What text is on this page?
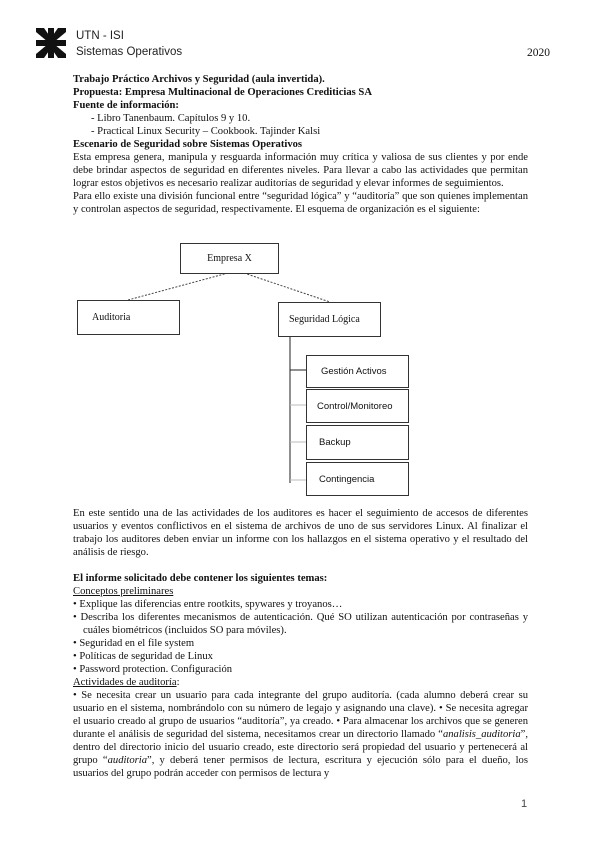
UTN - ISI
Sistemas Operativos	2020

Trabajo Práctico Archivos y Seguridad (aula invertida).

Propuesta: Empresa Multinacional de Operaciones Crediticias SA

Fuente de información:

- Libro Tanenbaum. Capítulos 9 y 10.

- Practical Linux Security – Cookbook. Tajinder Kalsi

Escenario de Seguridad sobre Sistemas Operativos

Esta empresa genera, manipula y resguarda información muy crítica y valiosa de sus clientes y por ende debe brindar aspectos de seguridad en diferentes niveles. Para llevar a cabo las actividades que permitan lograr estos objetivos es necesario realizar auditorías de seguridad y elevar informes de seguimientos.

Para ello existe una división funcional entre “seguridad lógica” y “auditoría” que son quienes implementan y controlan aspectos de seguridad, respectivamente. El esquema de organización es el siguiente:

Empresa X
Auditoria	Seguridad Lógica
Gestión Activos
Control/Monitoreo
Backup
Contingencia

En este sentido una de las actividades de los auditores es hacer el seguimiento de accesos de diferentes usuarios y eventos conflictivos en el sistema de archivos de uno de sus servidores Linux. Al finalizar el trabajo los auditores deben enviar un informe con los hallazgos en el sistema operativo y el resultado del análisis de riesgo.

El informe solicitado debe contener los siguientes temas:

Conceptos preliminares

• Explique las diferencias entre rootkits, spywares y troyanos…

• Describa los diferentes mecanismos de autenticación. Qué SO utilizan autenticación por contraseñas y cuáles biométricos (incluidos SO para móviles).

• Seguridad en el file system

• Políticas de seguridad de Linux

• Password protection. Configuración

Actividades de auditoría:

• Se necesita crear un usuario para cada integrante del grupo auditoría. (cada alumno deberá crear su usuario en el sistema, nombrándolo con su número de legajo y asignando una clave). • Se necesita agregar el usuario creado al grupo de usuarios “auditoría”, ya creado. • Para almacenar los archivos que se generen durante el análisis de seguridad del sistema, necesitamos crear un directorio llamado “analisis_auditoria”, dentro del directorio inicio del usuario creado, este directorio será propiedad del usuario y pertenecerá al grupo “auditoria”, y deberá tener permisos de lectura, escritura y ejecución sólo para el dueño, los usuarios del grupo podrán acceder con permisos de lectura y

1
